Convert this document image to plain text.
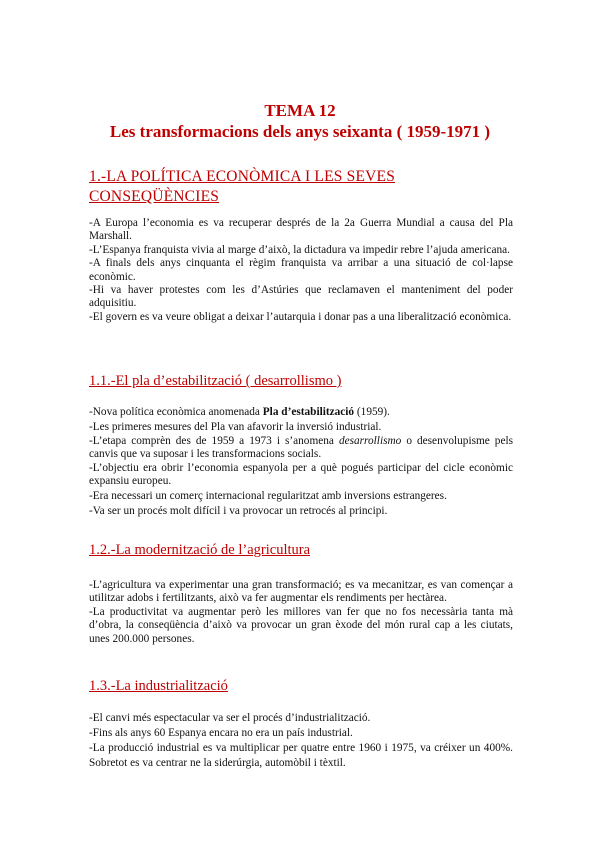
TEMA 12
Les transformacions dels anys seixanta ( 1959-1971 )
1.-LA POLÍTICA ECONÒMICA I LES SEVES
CONSEQÜÈNCIES

-A Europa l’economia es va recuperar després de la 2a Guerra Mundial a causa del Pla Marshall.

-L’Espanya franquista vivia al marge d’això, la dictadura va impedir rebre l’ajuda americana.

-A finals dels anys cinquanta el règim franquista va arribar a una situació de col·lapse econòmic.

-Hi va haver protestes com les d’Astúries que reclamaven el manteniment del poder adquisitiu.

-El govern es va veure obligat a deixar l’autarquia i donar pas a una liberalització econòmica.

1.1.-El pla d’estabilització ( desarrollismo )

-Nova política econòmica anomenada Pla d’estabilització (1959).

-Les primeres mesures del Pla van afavorir la inversió industrial.

-L’etapa comprèn des de 1959 a 1973 i s’anomena desarrollismo o desenvolupisme pels canvis que va suposar i les transformacions socials.

-L’objectiu era obrir l’economia espanyola per a què pogués participar del cicle econòmic expansiu europeu.

-Era necessari un comerç internacional regularitzat amb inversions estrangeres.

-Va ser un procés molt difícil i va provocar un retrocés al principi.

1.2.-La modernització de l’agricultura

-L’agricultura va experimentar una gran transformació; es va mecanitzar, es van començar a utilitzar adobs i fertilitzants, això va fer augmentar els rendiments per hectàrea.

-La productivitat va augmentar però les millores van fer que no fos necessària tanta mà d’obra, la conseqüència d’això va provocar un gran èxode del món rural cap a les ciutats, unes 200.000 persones.

1.3.-La industrialització

-El canvi més espectacular va ser el procés d’industrialització.

-Fins als anys 60 Espanya encara no era un país industrial.

-La producció industrial es va multiplicar per quatre entre 1960 i 1975, va créixer un 400%. Sobretot es va centrar ne la siderúrgia, automòbil i tèxtil.
